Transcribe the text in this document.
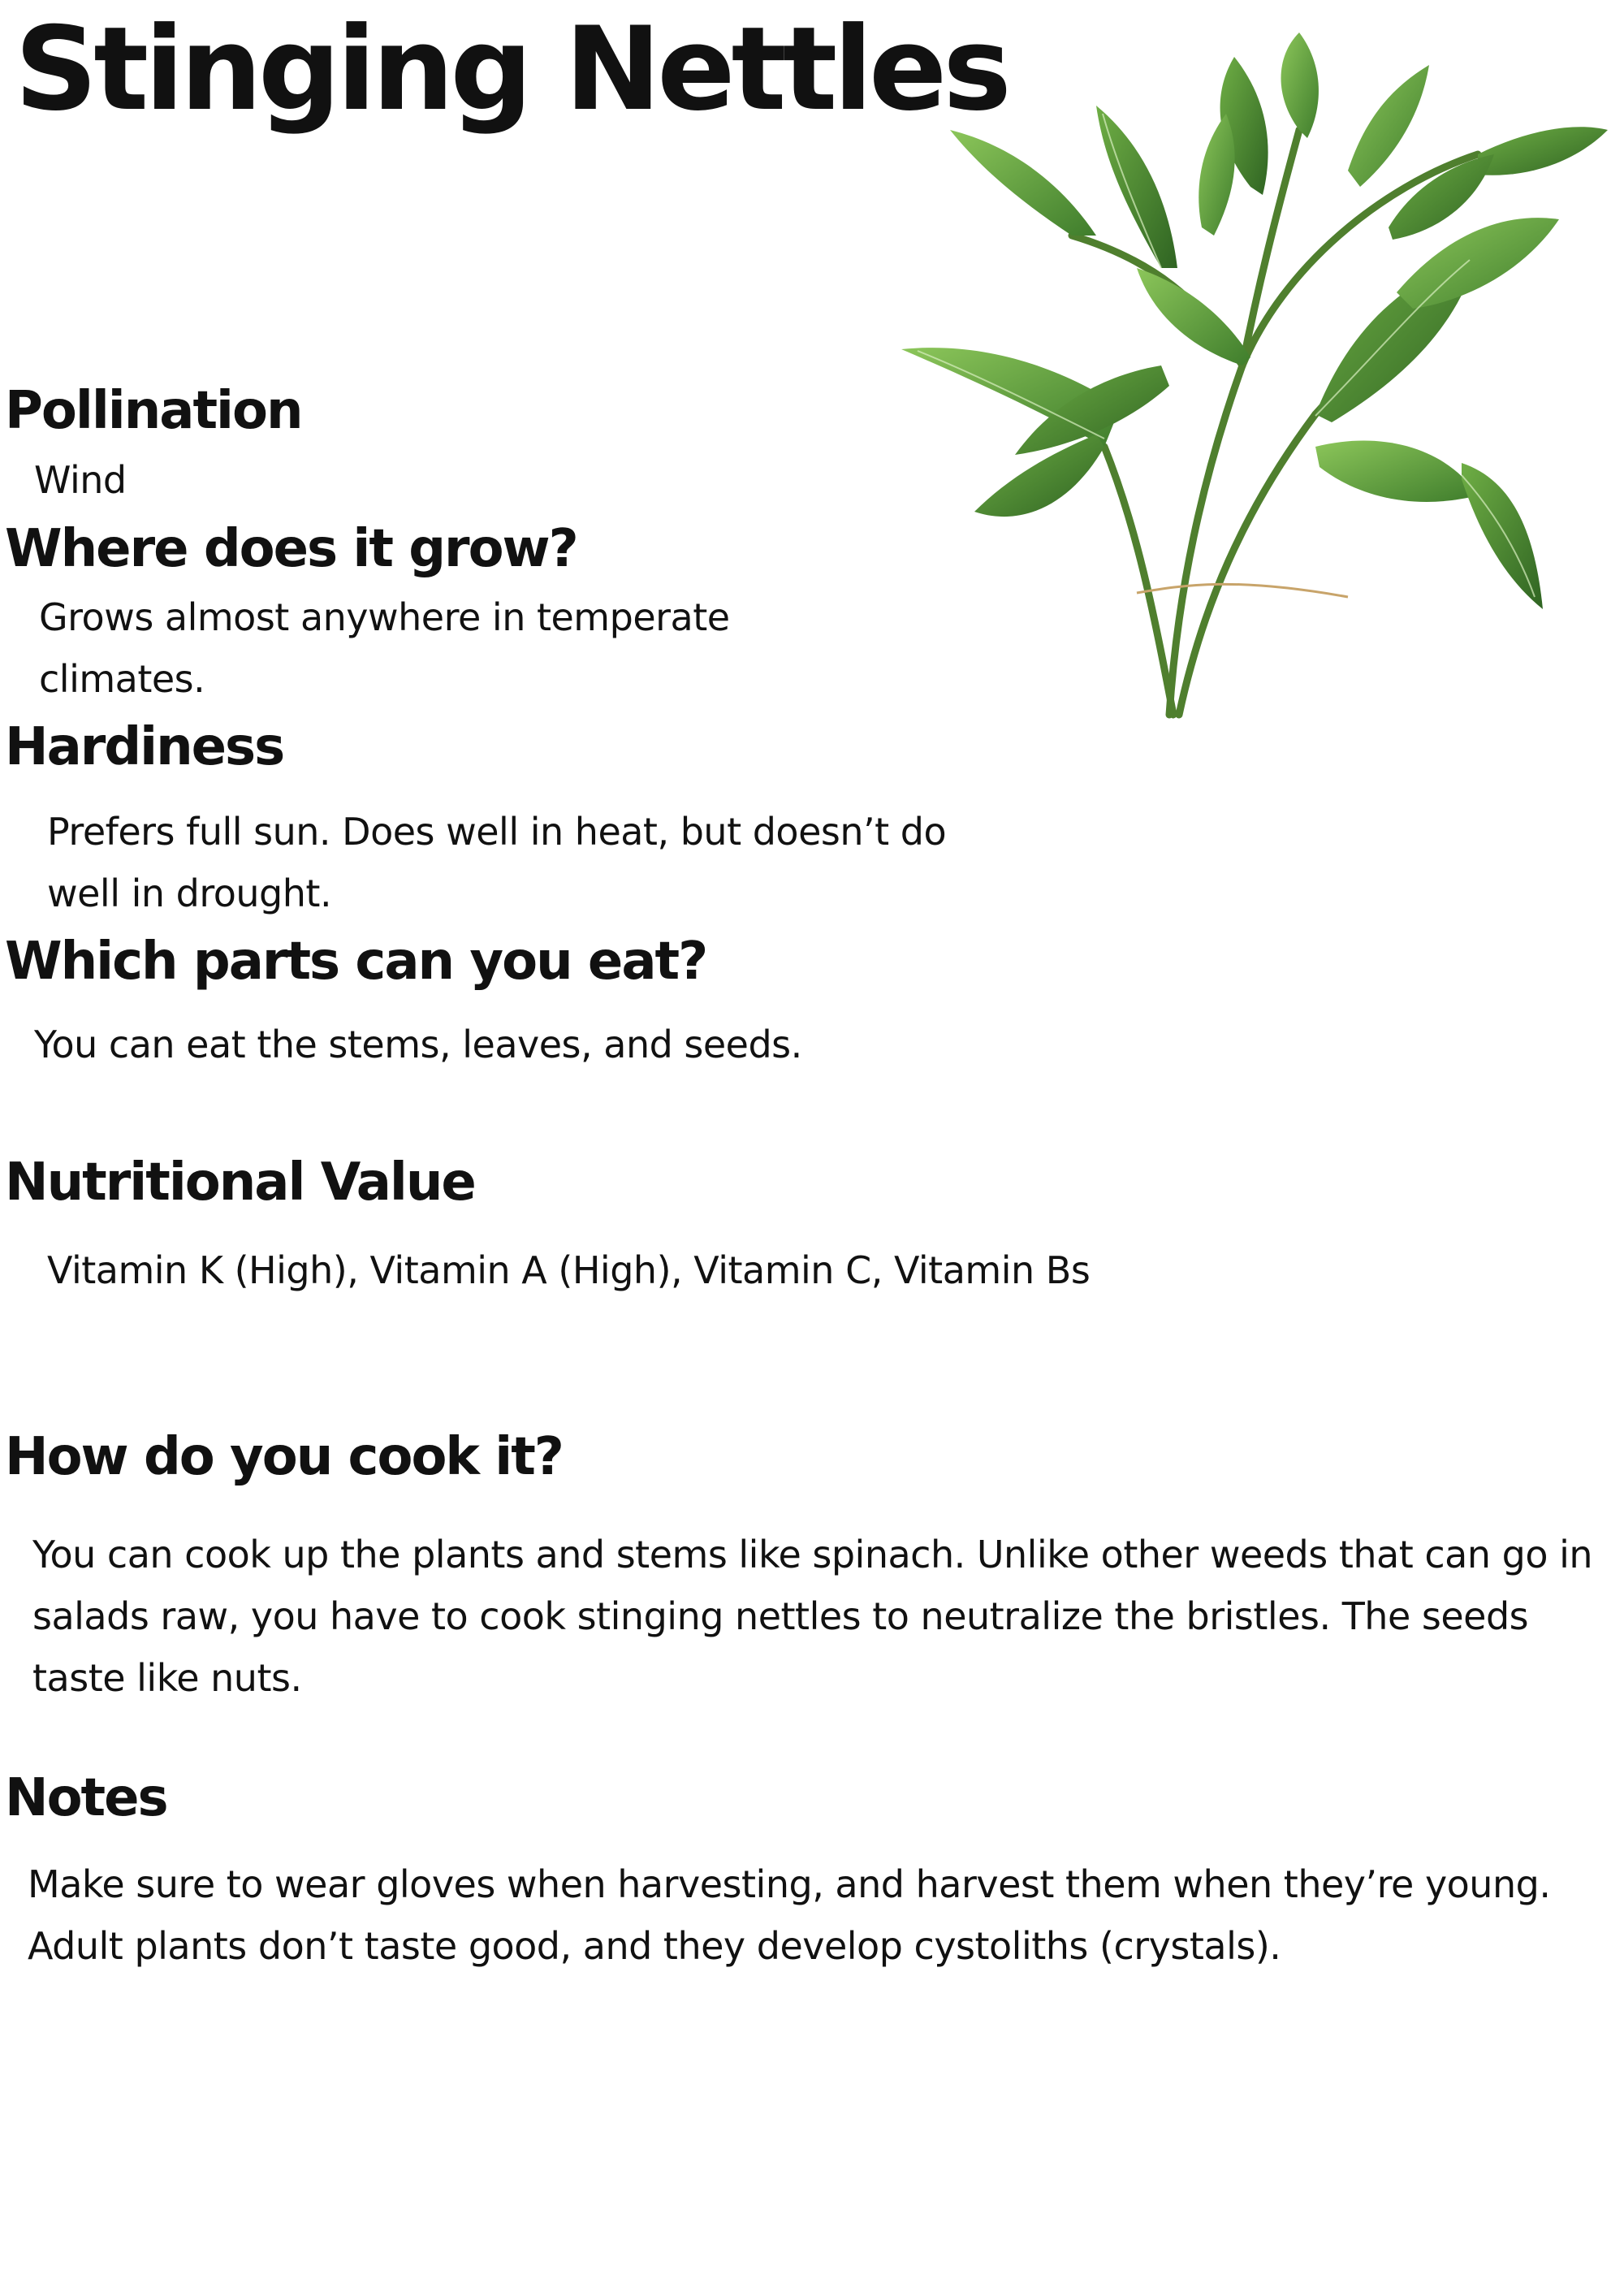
Stinging Nettles
Pollination

Wind

Where does it grow?

Grows almost anywhere in temperate climates.

Hardiness

Prefers full sun. Does well in heat, but doesn’t do well in drought.

Which parts can you eat?

You can eat the stems, leaves, and seeds.

Nutritional Value

Vitamin K (High), Vitamin A (High), Vitamin C, Vitamin Bs

How do you cook it?

You can cook up the plants and stems like spinach. Unlike other weeds that can go in salads raw, you have to cook stinging nettles to neutralize the bristles. The seeds taste like nuts.

Notes

Make sure to wear gloves when harvesting, and harvest them when they’re young. Adult plants don’t taste good, and they develop cystoliths (crystals).
